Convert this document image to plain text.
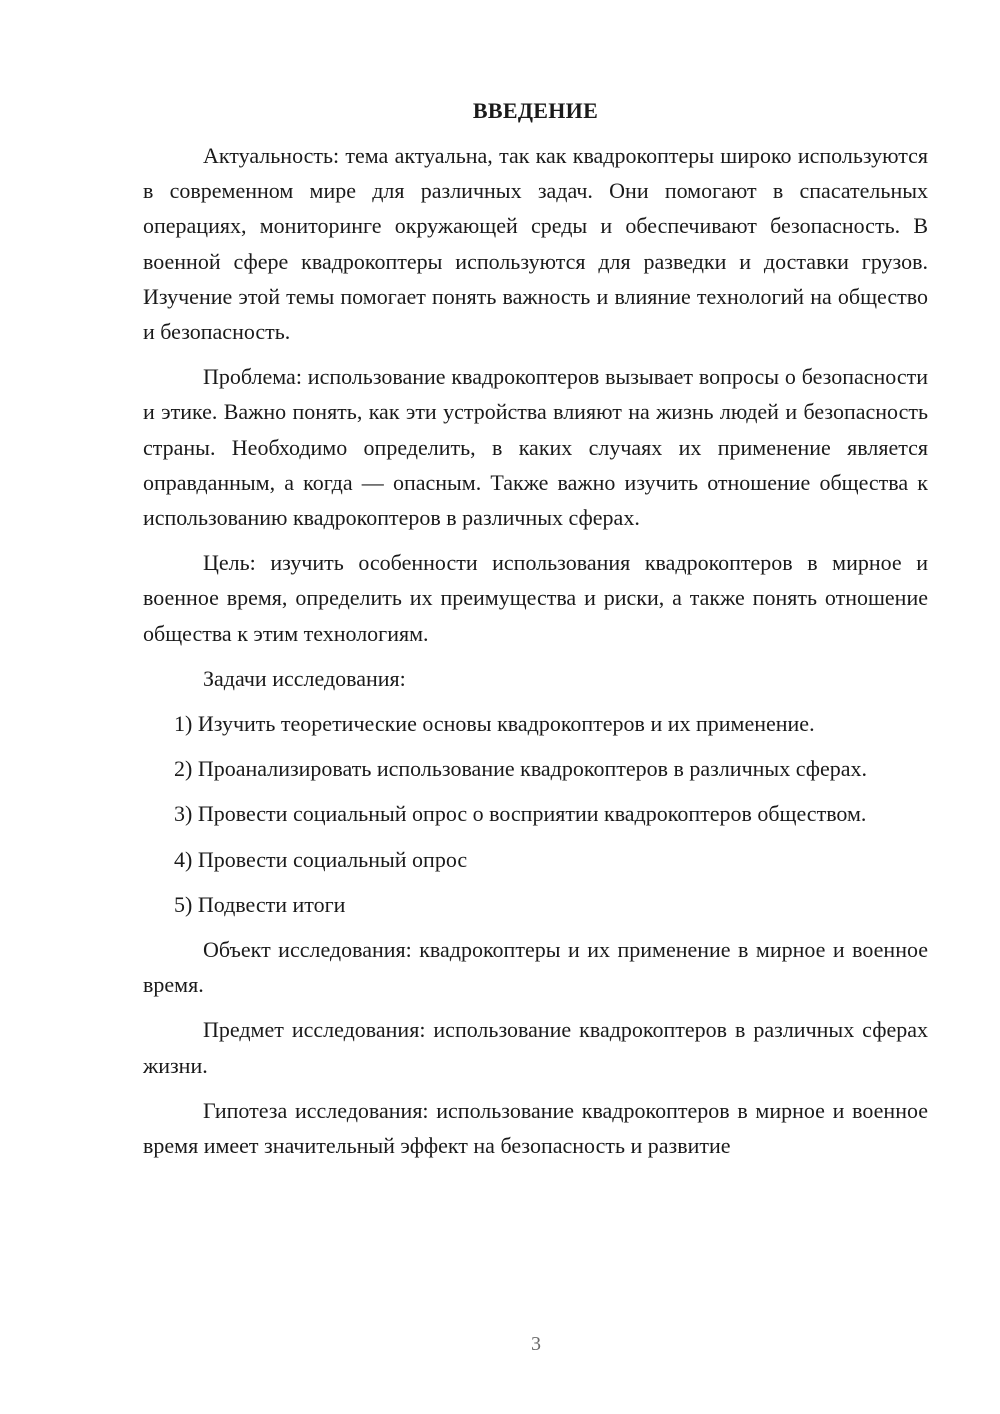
ВВЕДЕНИЕ

Актуальность: тема актуальна, так как квадрокоптеры широко используются в современном мире для различных задач. Они помогают в спасательных операциях, мониторинге окружающей среды и обеспечивают безопасность. В военной сфере квадрокоптеры используются для разведки и доставки грузов. Изучение этой темы помогает понять важность и влияние технологий на общество и безопасность.

Проблема: использование квадрокоптеров вызывает вопросы о безопасности и этике. Важно понять, как эти устройства влияют на жизнь людей и безопасность страны. Необходимо определить, в каких случаях их применение является оправданным, а когда — опасным. Также важно изучить отношение общества к использованию квадрокоптеров в различных сферах.

Цель: изучить особенности использования квадрокоптеров в мирное и военное время, определить их преимущества и риски, а также понять отношение общества к этим технологиям.

Задачи исследования:

1) Изучить теоретические основы квадрокоптеров и их применение.

2) Проанализировать использование квадрокоптеров в различных сферах.

3) Провести социальный опрос о восприятии квадрокоптеров обществом.

4) Провести социальный опрос

5) Подвести итоги

Объект исследования: квадрокоптеры и их применение в мирное и военное время.

Предмет исследования: использование квадрокоптеров в различных сферах жизни.

Гипотеза исследования: использование квадрокоптеров в мирное и военное время имеет значительный эффект на безопасность и развитие

3
